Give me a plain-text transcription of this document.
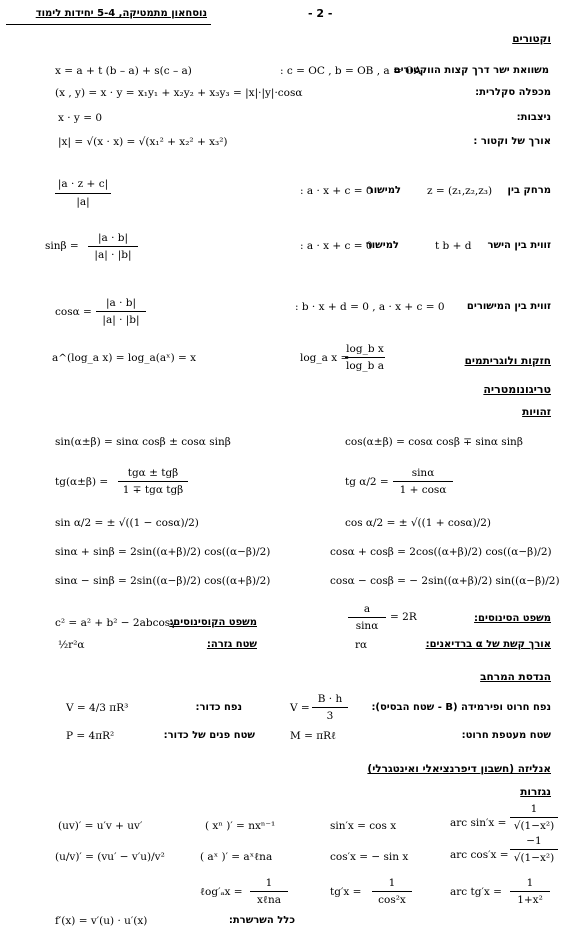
נוסחאון מתמטיקה, 5-4 יחידות לימוד	- 2 -
וקטורים
x = a + t (b – a) + s(c – a)	: c = OC , b = OB , a = OA
משוואת ישר דרך קצות הווקטורים
(x , y) = x · y = x₁y₁ + x₂y₂ + x₃y₃ = |x|·|y|·cosα	מכפלה סקלרית:
x · y = 0	ניצבות:
|x| = √(x · x) = √(x₁² + x₂² + x₃²)	אורך של וקטור :
|a · z + c|
|a|
: a · x + c = 0
למישור z = (z₁,z₂,z₃) מרחק בין
sinβ =
|a · b|
|a| · |b|
: a · x + c = 0
למישור	t b + d זווית בין הישר
cosα =
|a · b|
|a| · |b|
: b · x + d = 0 , a · x + c = 0 זווית בין המישורים
a^(log_a x) = log_a(aˣ) = x	log_a x =
log_b x
log_b a	חזקות ולוגריתמים
טריגונומטריה
זהויות
sin(α±β) = sinα cosβ ± cosα sinβ	cos(α±β) = cosα cosβ ∓ sinα sinβ
tg(α±β) =
tgα ± tgβ
1 ∓ tgα tgβ
tg α/2 =
sinα
1 + cosα
sin α/2 = ± √((1 − cosα)/2)	cos α/2 = ± √((1 + cosα)/2)
sinα + sinβ = 2sin((α+β)/2) cos((α−β)/2)	cosα + cosβ = 2cos((α+β)/2) cos((α−β)/2)
sinα − sinβ = 2sin((α−β)/2) cos((α+β)/2)	cosα − cosβ = − 2sin((α+β)/2) sin((α−β)/2)
c² = a² + b² − 2abcosγ
משפט הקוסינוסים:
a
sinα
= 2R	משפט הסינוסים:
½r²α	שטח גזרה:	rα	אורך קשת של α ברדיאנים:
הנדסת המרחב
V = 4/3 πR³	נפח כדור:	V =
B · h
3
נפח חרוט ופירמידה (B - שטח הבסיס):
P = 4πR²	שטח פנים של כדור:	M = πRℓ	שטח מעטפת חרוט:
אנליזה (חשבון דיפרנציאלי ואינטגרלי)
נגזרות
(uv)′ = u′v + uv′	( xⁿ )′ = nxⁿ⁻¹	sin′x = cos x	arc sin′x =
1
√(1−x²)
(u/v)′ = (vu′ − v′u)/v²	( aˣ )′ = aˣℓna	cos′x = − sin x	arc cos′x =
−1
√(1−x²)
ℓog′ₐx =
1
xℓna
tg′x =
1
cos²x
arc tg′x =
1
1+x²
f′(x) = v′(u) · u′(x)	כלל השרשרת:
